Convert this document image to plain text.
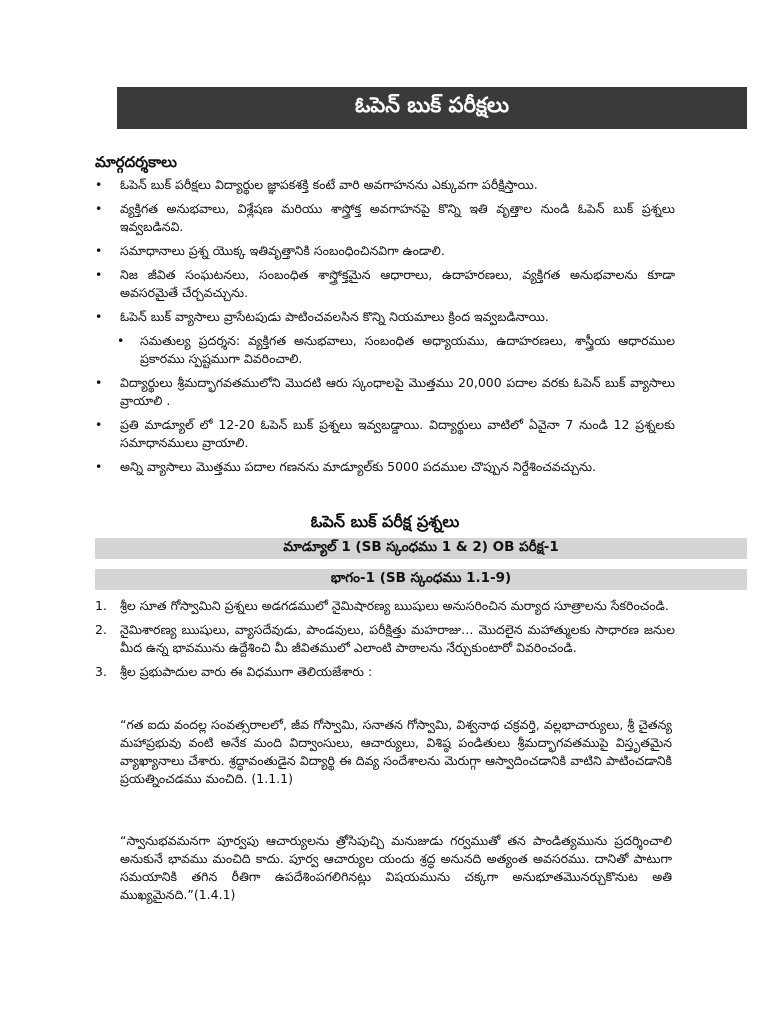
ఓపెన్ బుక్ పరీక్షలు
మార్గదర్శకాలు
• ఓపెన్ బుక్ పరీక్షలు విద్యార్థుల జ్ఞాపకశక్తి కంటే వారి అవగాహనను ఎక్కువగా పరీక్షిస్తాయి.
• వ్యక్తిగత అనుభవాలు, విశ్లేషణ మరియు శాస్త్రోక్త అవగాహనపై కొన్ని ఇతి వృత్తాల నుండి ఓపెన్ బుక్ ప్రశ్నలు ఇవ్వబడినవి.
• సమాధానాలు ప్రశ్న యొక్క ఇతివృత్తానికి సంబంధించినవిగా ఉండాలి.
• నిజ జీవిత సంఘటనలు, సంబంధిత శాస్త్రోక్తమైన ఆధారాలు, ఉదాహరణలు, వ్యక్తిగత అనుభవాలను కూడా అవసరమైతే చేర్చవచ్చును.
• ఓపెన్ బుక్ వ్యాసాలు వ్రాసేటపుడు పాటించవలసిన కొన్ని నియమాలు క్రింద ఇవ్వబడినాయి.
• సమతుల్య ప్రదర్శన: వ్యక్తిగత అనుభవాలు, సంబంధిత అధ్యాయము, ఉదాహరణలు, శాస్త్రీయ ఆధారముల ప్రకారము స్పష్టముగా వివరించాలి.
• విద్యార్థులు శ్రీమద్భాగవతములోని మొదటి ఆరు స్కంధాలపై మొత్తము 20,000 పదాల వరకు ఓపెన్ బుక్ వ్యాసాలు వ్రాయాలి .
• ప్రతి మాడ్యూల్ లో 12-20 ఓపెన్ బుక్ ప్రశ్నలు ఇవ్వబడ్డాయి. విద్యార్థులు వాటిలో ఏవైనా 7 నుండి 12 ప్రశ్నలకు సమాధానములు వ్రాయాలి.
• అన్ని వ్యాసాలు మొత్తము పదాల గణనను మాడ్యూల్‌కు 5000 పదముల చొప్పున నిర్దేశించవచ్చును.
ఓపెన్ బుక్ పరీక్ష ప్రశ్నలు
మాడ్యూల్ 1 (SB స్కంధము 1 & 2) OB పరీక్ష-1
భాగం-1 (SB స్కంధము 1.1-9)
1. శ్రీల సూత గోస్వామిని ప్రశ్నలు అడగడములో నైమిషారణ్య ఋషులు అనుసరించిన మర్యాద సూత్రాలను సేకరించండి.
2. నైమిశారణ్య ఋషులు, వ్యాసదేవుడు, పాండవులు, పరీక్షిత్తు మహరాజు… మొదలైన మహాత్ములకు సాధారణ జనుల మీద ఉన్న భావమును ఉద్దేశించి మీ జీవితములో ఎలాంటి పాఠాలను నేర్చుకుంటారో వివరించండి.
3. శ్రీల ప్రభుపాదుల వారు ఈ విధముగా తెలియజేశారు :

“గత ఐదు వందల్ల సంవత్సరాలలో, జీవ గోస్వామి, సనాతన గోస్వామి, విశ్వనాథ చక్రవర్తి, వల్లభాచార్యులు, శ్రీ చైతన్య మహాప్రభువు వంటి అనేక మంది విద్వాంసులు, ఆచార్యులు, విశిష్ఠ పండితులు శ్రీమద్భాగవతముపై విస్తృతమైన వ్యాఖ్యానాలు చేశారు. శ్రద్ధావంతుడైన విద్యార్థి ఈ దివ్య సందేశాలను మెరుగ్గా ఆస్వాదించడానికి వాటిని పాటించడానికి ప్రయత్నించడము మంచిది. (1.1.1)

“స్వానుభవమనగా పూర్వపు ఆచార్యులను త్రోసిపుచ్చి మనుజుడు గర్వముతో తన పాండిత్యమును ప్రదర్శించాలి అనుకునే భావము మంచిది కాదు. పూర్వ ఆచార్యుల యందు శ్రద్ధ అనునది అత్యంత అవసరము. దానితో పాటుగా సమయానికి తగిన రీతిగా ఉపదేశింపగలిగినట్లు విషయమును చక్కగా అనుభూతమొనర్చుకొనుట అతి ముఖ్యమైనది.”(1.4.1)
